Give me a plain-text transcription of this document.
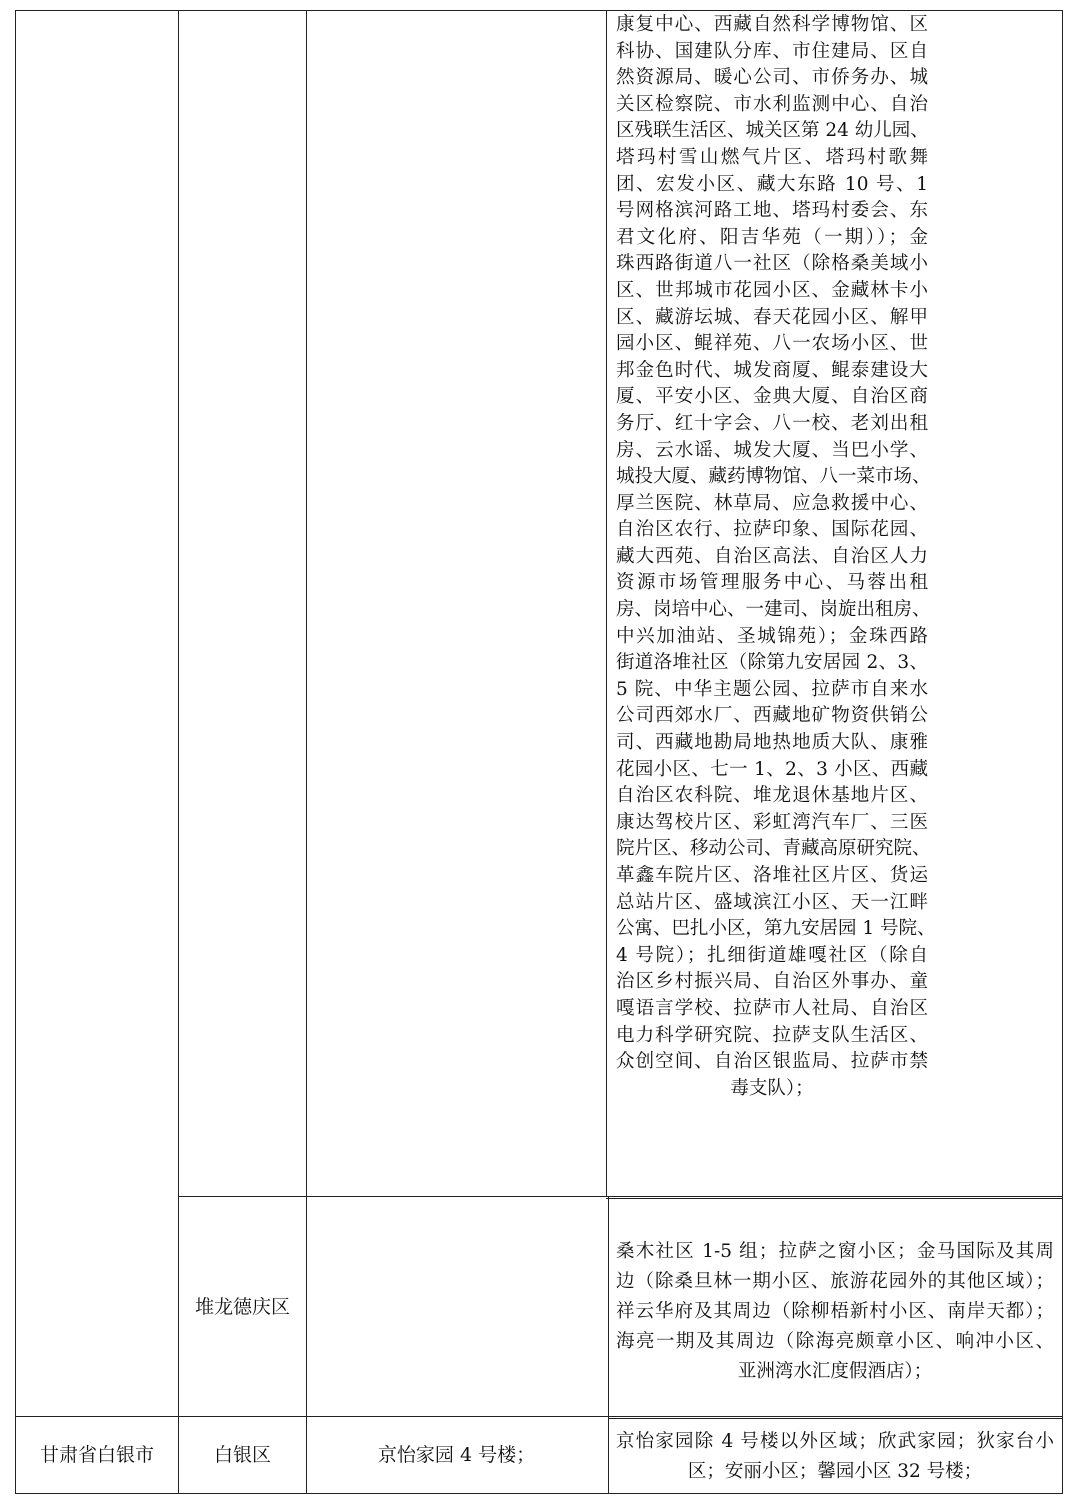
康复中心、西藏自然科学博物馆、区
科协、国建队分库、市住建局、区自
然资源局、暖心公司、市侨务办、城
关区检察院、市水利监测中心、自治
区残联生活区、城关区第 24 幼儿园、
塔玛村雪山燃气片区、塔玛村歌舞
团、宏发小区、藏大东路 10 号、1
号网格滨河路工地、塔玛村委会、东
君文化府、阳吉华苑（一期））；金
珠西路街道八一社区（除格桑美域小
区、世邦城市花园小区、金藏林卡小
区、藏游坛城、春天花园小区、解甲
园小区、鲲祥苑、八一农场小区、世
邦金色时代、城发商厦、鲲泰建设大
厦、平安小区、金典大厦、自治区商
务厅、红十字会、八一校、老刘出租
房、云水谣、城发大厦、当巴小学、
城投大厦、藏药博物馆、八一菜市场、
厚兰医院、林草局、应急救援中心、
自治区农行、拉萨印象、国际花园、
藏大西苑、自治区高法、自治区人力
资源市场管理服务中心、马蓉出租
房、岗培中心、一建司、岗旋出租房、
中兴加油站、圣城锦苑）；金珠西路
街道洛堆社区（除第九安居园 2、3、
5 院、中华主题公园、拉萨市自来水
公司西郊水厂、西藏地矿物资供销公
司、西藏地勘局地热地质大队、康雅
花园小区、七一 1、2、3 小区、西藏
自治区农科院、堆龙退休基地片区、
康达驾校片区、彩虹湾汽车厂、三医
院片区、移动公司、青藏高原研究院、
革鑫车院片区、洛堆社区片区、货运
总站片区、盛域滨江小区、天一江畔
公寓、巴扎小区，第九安居园 1 号院、
4 号院）；扎细街道雄嘎社区（除自
治区乡村振兴局、自治区外事办、童
嘎语言学校、拉萨市人社局、自治区
电力科学研究院、拉萨支队生活区、
众创空间、自治区银监局、拉萨市禁
毒支队）；
堆龙德庆区
桑木社区 1-5 组；拉萨之窗小区；金马国际及其周
边（除桑旦林一期小区、旅游花园外的其他区域）；
祥云华府及其周边（除柳梧新村小区、南岸天都）；
海亮一期及其周边（除海亮颇章小区、响冲小区、
亚洲湾水汇度假酒店）；
甘肃省白银市	白银区	京怡家园 4 号楼；
京怡家园除 4 号楼以外区域；欣武家园；狄家台小
区；安丽小区；馨园小区 32 号楼；
